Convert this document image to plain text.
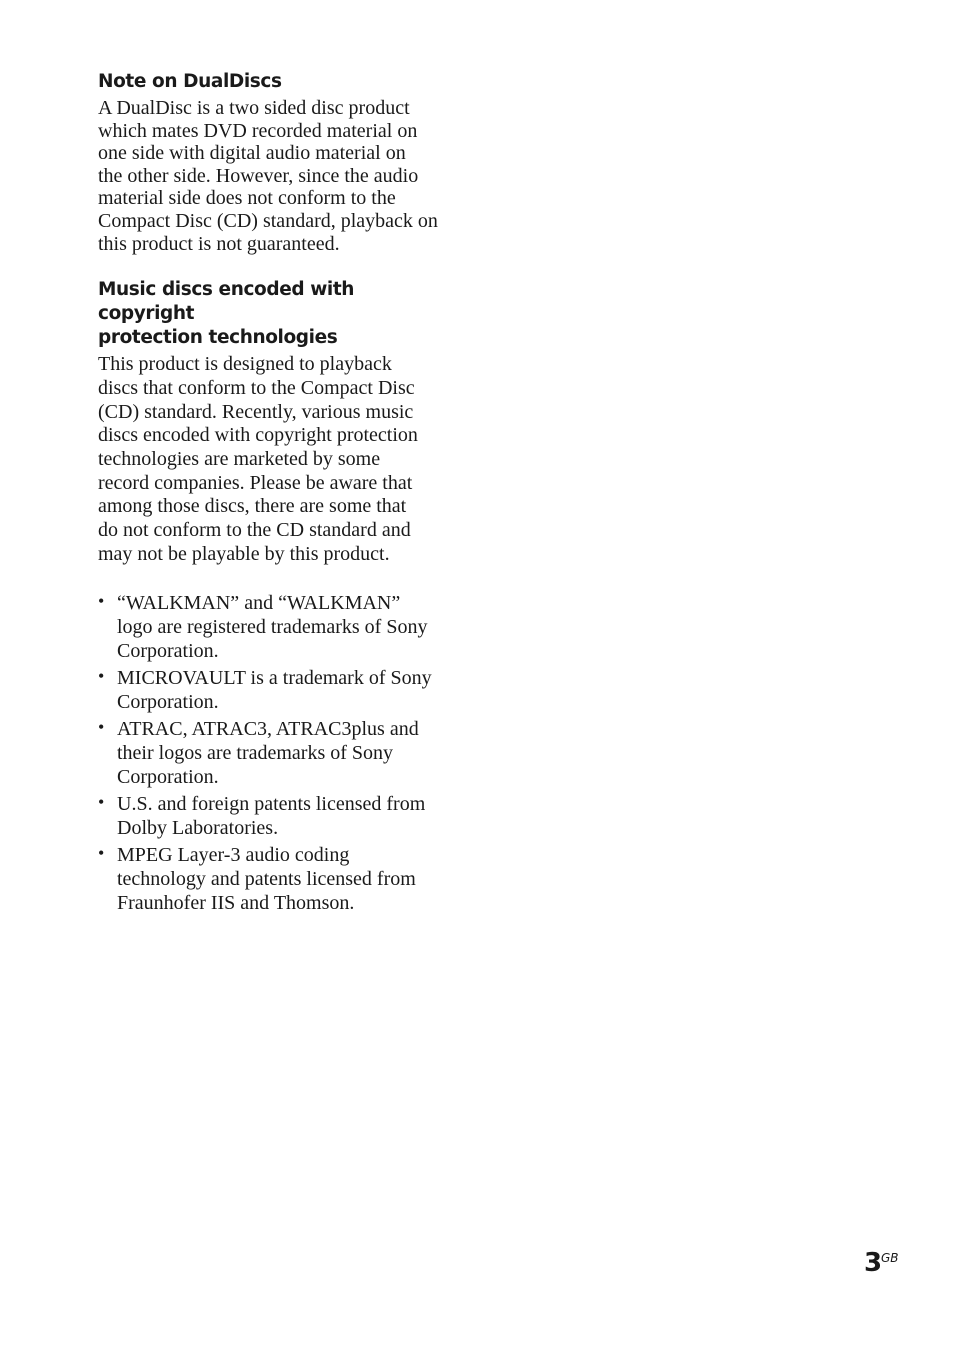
Note on DualDiscs

A DualDisc is a two sided disc product
which mates DVD recorded material on
one side with digital audio material on
the other side. However, since the audio
material side does not conform to the
Compact Disc (CD) standard, playback on
this product is not guaranteed.

Music discs encoded with copyright
protection technologies

This product is designed to playback
discs that conform to the Compact Disc
(CD) standard. Recently, various music
discs encoded with copyright protection
technologies are marketed by some
record companies. Please be aware that
among those discs, there are some that
do not conform to the CD standard and
may not be playable by this product.

• “WALKMAN” and “WALKMAN”
logo are registered trademarks of Sony
Corporation.
• MICROVAULT is a trademark of Sony
Corporation.
• ATRAC, ATRAC3, ATRAC3plus and
their logos are trademarks of Sony
Corporation.
• U.S. and foreign patents licensed from
Dolby Laboratories.
• MPEG Layer-3 audio coding
technology and patents licensed from
Fraunhofer IIS and Thomson.
3
GB
